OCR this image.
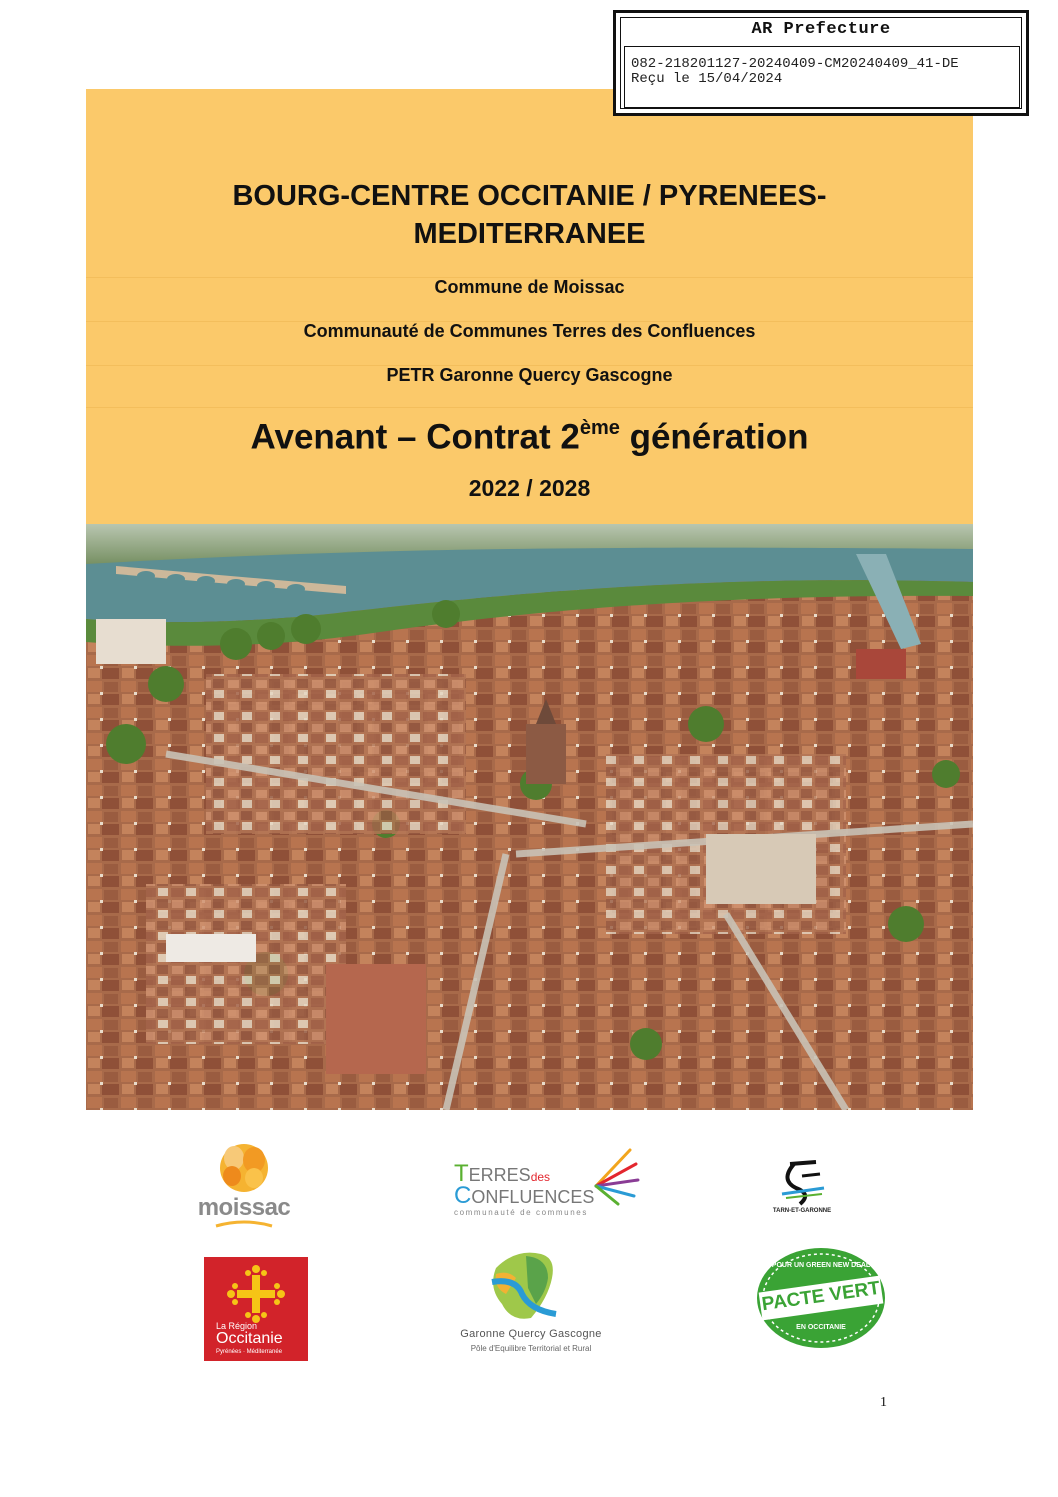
AR Prefecture
082-218201127-20240409-CM20240409_41-DE
Reçu le 15/04/2024
BOURG-CENTRE OCCITANIE / PYRENEES-
MEDITERRANEE
Commune de Moissac
Communauté de Communes Terres des Confluences
PETR Garonne Quercy Gascogne
Avenant – Contrat 2ème génération
2022 / 2028
moissac
TERRESdes
CONFLUENCES
communauté de communes	TARN-ET-GARONNE
La Région
Occitanie
Pyrénées · Méditerranée
Garonne Quercy Gascogne
Pôle d'Equilibre Territorial et Rural
POUR UN GREEN NEW DEAL
PACTE VERT
EN OCCITANIE
1
